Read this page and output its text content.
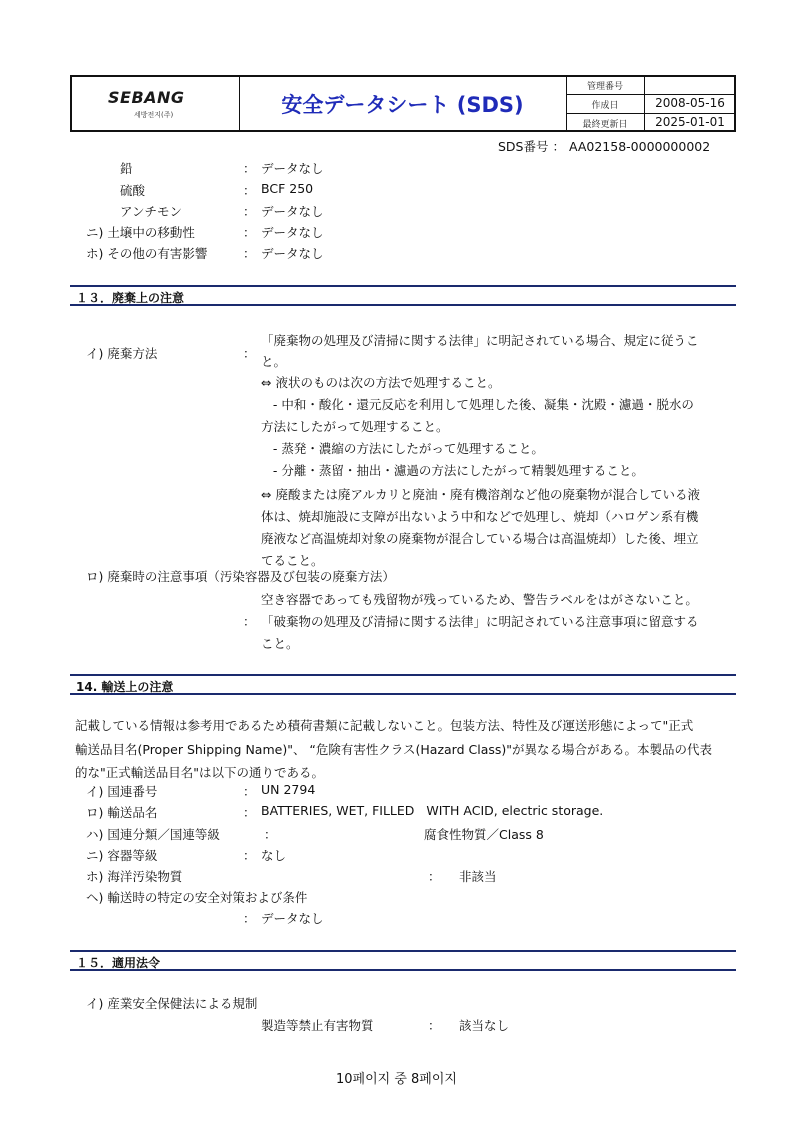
SEBANG
세방전지(주)	安全データシート (SDS)
管理番号
作成日	2008-05-16
最終更新日	2025-01-01
SDS番号 ： AA02158-0000000002
鉛	： データなし
硫酸	： BCF 250
アンチモン	： データなし
ニ) 土壌中の移動性	： データなし
ホ) その他の有害影響	： データなし
１３．廃棄上の注意
イ) 廃棄方法	：
「廃棄物の処理及び清掃に関する法律」に明記されている場合、規定に従うこ
と。
⇔ 液状のものは次の方法で処理すること。
- 中和・酸化・還元反応を利用して処理した後、凝集・沈殿・濾過・脱水の
方法にしたがって処理すること。
- 蒸発・濃縮の方法にしたがって処理すること。
- 分離・蒸留・抽出・濾過の方法にしたがって精製処理すること。
⇔ 廃酸または廃アルカリと廃油・廃有機溶剤など他の廃棄物が混合している液
体は、焼却施設に支障が出ないよう中和などで処理し、焼却（ハロゲン系有機
廃液など高温焼却対象の廃棄物が混合している場合は高温焼却）した後、埋立
てること。
ロ) 廃棄時の注意事項（汚染容器及び包装の廃棄方法）
空き容器であっても残留物が残っているため、警告ラベルをはがさないこと。
： 「破棄物の処理及び清掃に関する法律」に明記されている注意事項に留意する
こと。
14. 輸送上の注意
記載している情報は参考用であるため積荷書類に記載しないこと。包装方法、特性及び運送形態によって"正式
輸送品目名(Proper Shipping Name)"、 “危険有害性クラス(Hazard Class)"が異なる場合がある。本製品の代表
的な"正式輸送品目名"は以下の通りである。
イ) 国連番号	： UN 2794
ロ) 輸送品名	： BATTERIES, WET, FILLED   WITH ACID, electric storage.
ハ) 国連分類／国連等級	：	腐食性物質／Class 8
ニ) 容器等級	： なし
ホ) 海洋汚染物質	： 非該当
ヘ) 輸送時の特定の安全対策および条件
： データなし
１５．適用法令
イ) 産業安全保健法による規制
製造等禁止有害物質	： 該当なし
10페이지 중 8페이지
